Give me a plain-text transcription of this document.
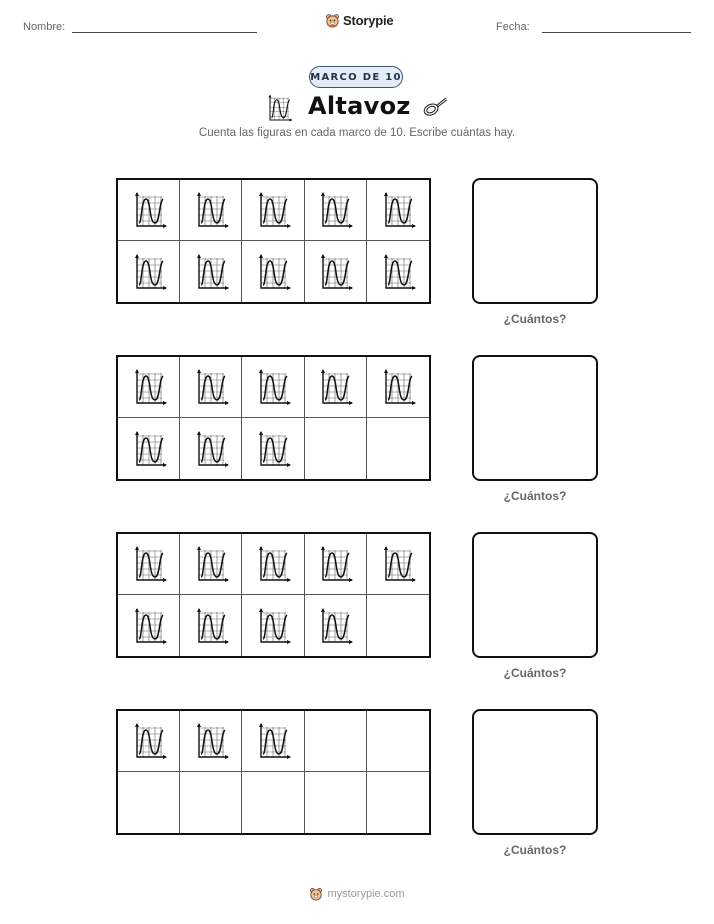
Nombre:	Storypie	Fecha:
MARCO DE 10
Altavoz
Cuenta las figuras en cada marco de 10. Escribe cuántas hay.
¿Cuántos?
¿Cuántos?
¿Cuántos?
¿Cuántos?
mystorypie.com
